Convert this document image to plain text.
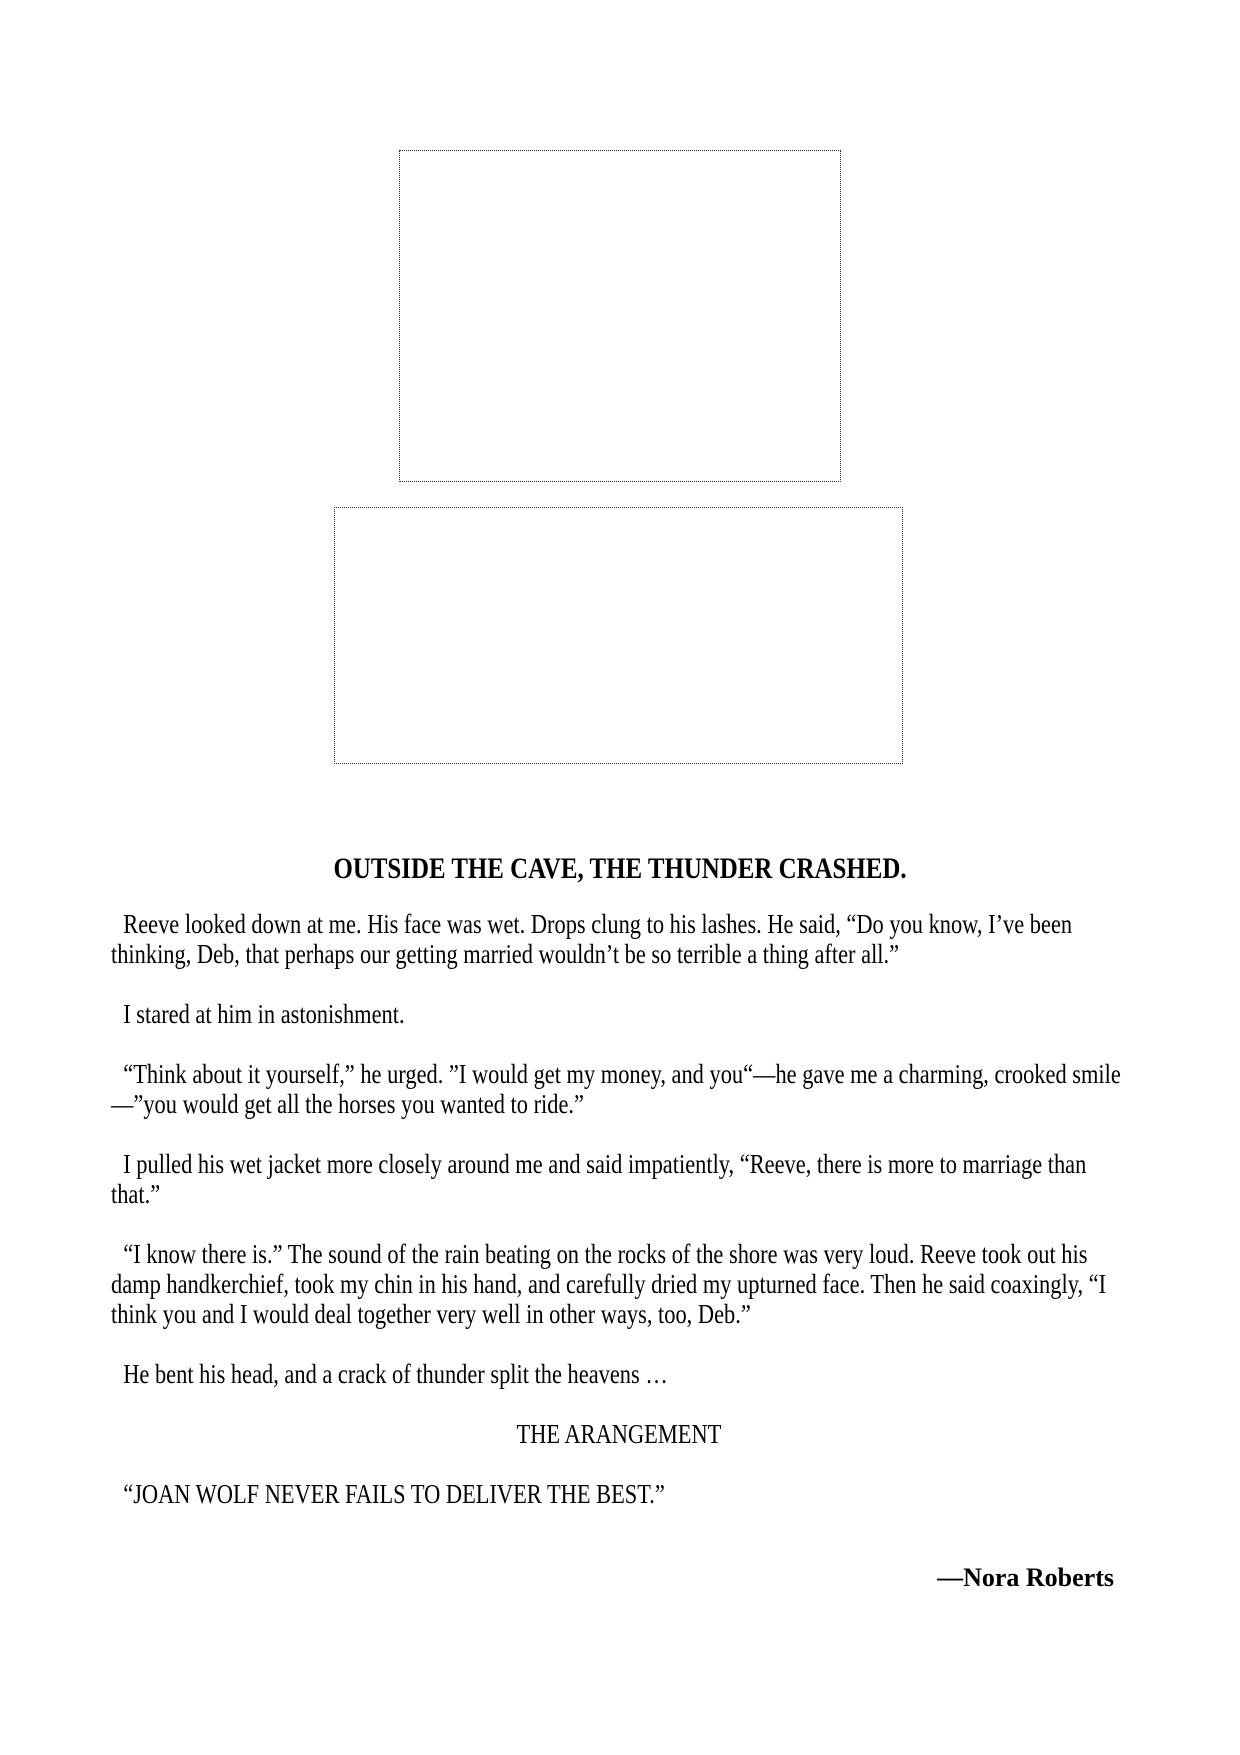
OUTSIDE THE CAVE, THE THUNDER CRASHED.

Reeve looked down at me. His face was wet. Drops clung to his lashes. He said, “Do you know, I’ve been thinking, Deb, that perhaps our getting married wouldn’t be so terrible a thing after all.”

I stared at him in astonishment.

“Think about it yourself,” he urged. ”I would get my money, and you“—he gave me a charming, crooked smile—”you would get all the horses you wanted to ride.”

I pulled his wet jacket more closely around me and said impatiently, “Reeve, there is more to marriage than that.”

“I know there is.” The sound of the rain beating on the rocks of the shore was very loud. Reeve took out his damp handkerchief, took my chin in his hand, and carefully dried my upturned face. Then he said coaxingly, “I think you and I would deal together very well in other ways, too, Deb.”

He bent his head, and a crack of thunder split the heavens …

THE ARANGEMENT

“JOAN WOLF NEVER FAILS TO DELIVER THE BEST.”

—Nora Roberts
